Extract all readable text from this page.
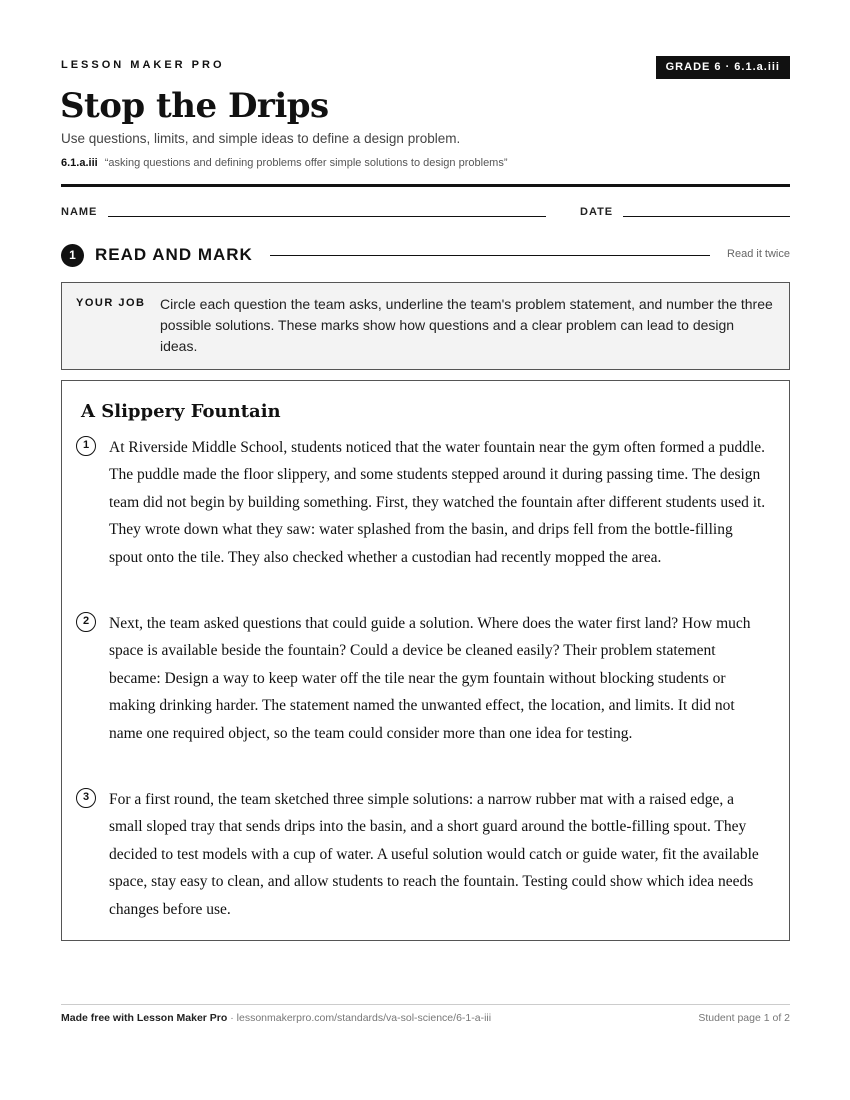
LESSON MAKER PRO	GRADE 6 · 6.1.a.iii
Stop the Drips
Use questions, limits, and simple ideas to define a design problem.
6.1.a.iii “asking questions and defining problems offer simple solutions to design problems”
NAME	DATE
1	READ AND MARK	Read it twice
YOUR JOB Circle each question the team asks, underline the team's problem statement, and number the three possible solutions. These marks show how questions and a clear problem can lead to design ideas.
A Slippery Fountain
1	At Riverside Middle School, students noticed that the water fountain near the gym often formed a puddle. The puddle made the floor slippery, and some students stepped around it during passing time. The design team did not begin by building something. First, they watched the fountain after different students used it. They wrote down what they saw: water splashed from the basin, and drips fell from the bottle-filling spout onto the tile. They also checked whether a custodian had recently mopped the area.
2	Next, the team asked questions that could guide a solution. Where does the water first land? How much space is available beside the fountain? Could a device be cleaned easily? Their problem statement became: Design a way to keep water off the tile near the gym fountain without blocking students or making drinking harder. The statement named the unwanted effect, the location, and limits. It did not name one required object, so the team could consider more than one idea for testing.
3	For a first round, the team sketched three simple solutions: a narrow rubber mat with a raised edge, a small sloped tray that sends drips into the basin, and a short guard around the bottle-filling spout. They decided to test models with a cup of water. A useful solution would catch or guide water, fit the available space, stay easy to clean, and allow students to reach the fountain. Testing could show which idea needs changes before use.
Made free with Lesson Maker Pro · lessonmakerpro.com/standards/va-sol-science/6-1-a-iii	Student page 1 of 2
